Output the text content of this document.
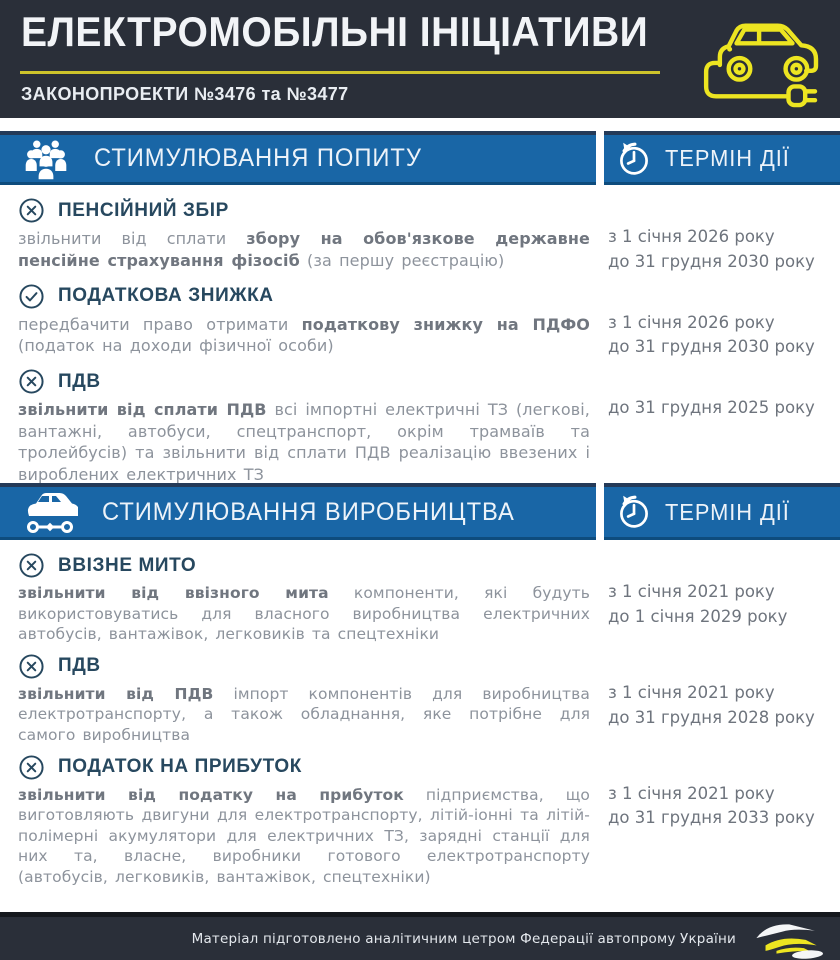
ЕЛЕКТРОМОБІЛЬНІ ІНІЦІАТИВИ
ЗАКОНОПРОЕКТИ №3476 та №3477
СТИМУЛЮВАННЯ ПОПИТУ	ТЕРМІН ДІЇ
ПЕНСІЙНИЙ ЗБІР
звільнити від сплати збору на обов'язкове державне пенсійне страхування фізосіб (за першу реєстрацію)
з 1 січня 2026 року
до 31 грудня 2030 року
ПОДАТКОВА ЗНИЖКА
передбачити право отримати податкову знижку на ПДФО (податок на доходи фізичної особи)
з 1 січня 2026 року
до 31 грудня 2030 року
ПДВ
звільнити від сплати ПДВ всі імпортні електричні ТЗ (легкові, вантажні, автобуси, спецтранспорт, окрім трамваїв та тролейбусів) та звільнити від сплати ПДВ реалізацію ввезених і вироблених електричних ТЗ
до 31 грудня 2025 року
СТИМУЛЮВАННЯ ВИРОБНИЦТВА	ТЕРМІН ДІЇ
ВВІЗНЕ МИТО
звільнити від ввізного мита компоненти, які будуть використовуватись для власного виробництва електричних автобусів, вантажівок, легковиків та спецтехніки
з 1 січня 2021 року
до 1 січня 2029 року
ПДВ
звільнити від ПДВ імпорт компонентів для виробництва електротранспорту, а також обладнання, яке потрібне для самого виробництва
з 1 січня 2021 року
до 31 грудня 2028 року
ПОДАТОК НА ПРИБУТОК
звільнити від податку на прибуток підприємства, що виготовляють двигуни для електротранспорту, літій-іонні та літій-полімерні акумулятори для електричних ТЗ, зарядні станції для них та, власне, виробники готового електротранспорту (автобусів, легковиків, вантажівок, спецтехніки)
з 1 січня 2021 року
до 31 грудня 2033 року
Матеріал підготовлено аналітичним цетром Федерації автопрому України
